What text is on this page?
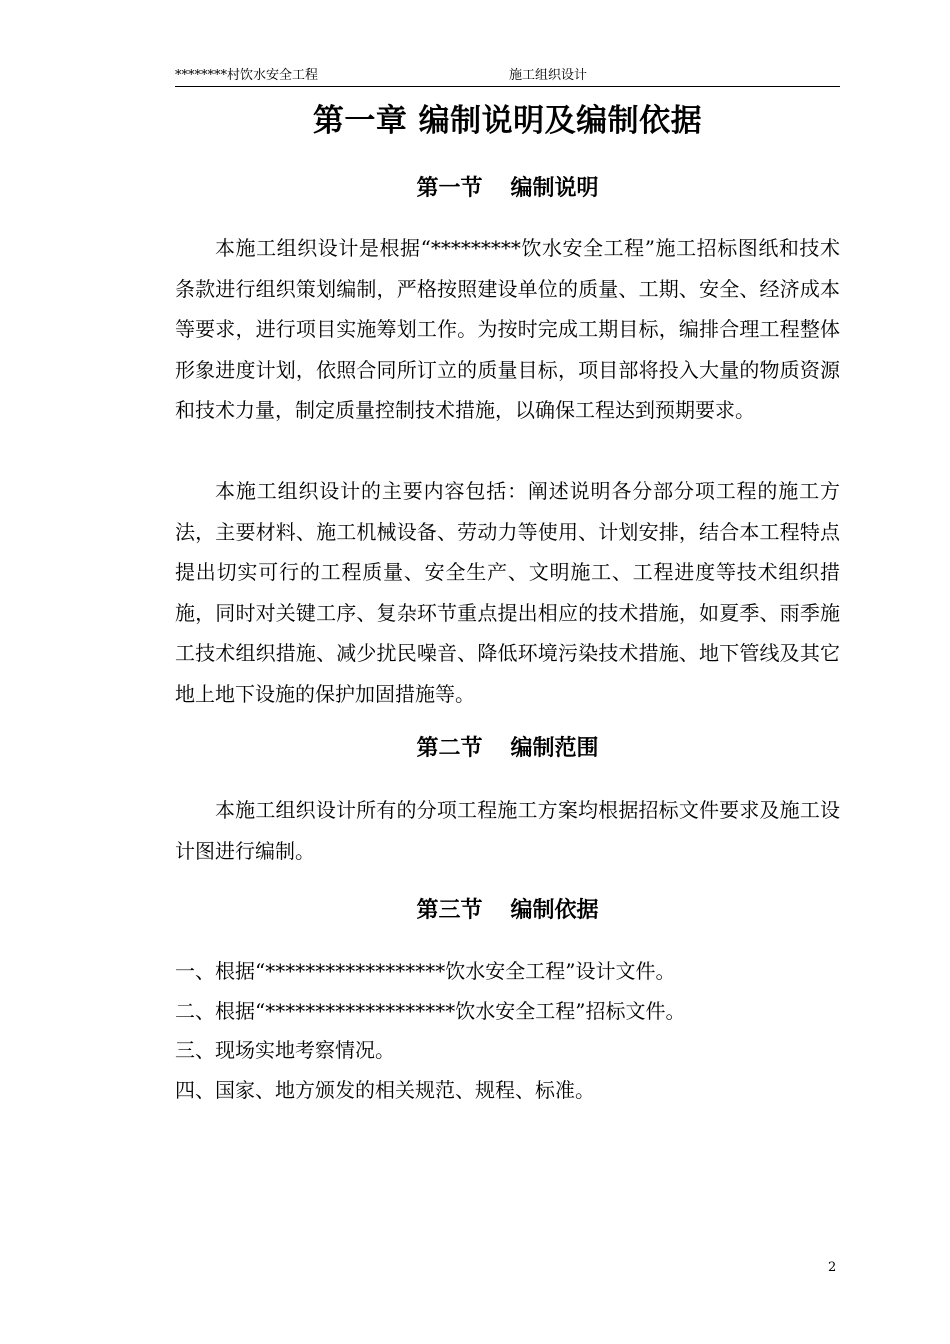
********村饮水安全工程	施工组织设计
第一章 编制说明及编制依据
第一节 编制说明

本施工组织设计是根据“*********饮水安全工程”施工招标图纸和技术条款进行组织策划编制，严格按照建设单位的质量、工期、安全、经济成本等要求，进行项目实施筹划工作。为按时完成工期目标，编排合理工程整体形象进度计划，依照合同所订立的质量目标，项目部将投入大量的物质资源和技术力量，制定质量控制技术措施，以确保工程达到预期要求。

本施工组织设计的主要内容包括：阐述说明各分部分项工程的施工方法，主要材料、施工机械设备、劳动力等使用、计划安排，结合本工程特点提出切实可行的工程质量、安全生产、文明施工、工程进度等技术组织措施，同时对关键工序、复杂环节重点提出相应的技术措施，如夏季、雨季施工技术组织措施、减少扰民噪音、降低环境污染技术措施、地下管线及其它地上地下设施的保护加固措施等。

第二节 编制范围

本施工组织设计所有的分项工程施工方案均根据招标文件要求及施工设计图进行编制。

第三节 编制依据
一、根据“******************饮水安全工程”设计文件。
二、根据“*******************饮水安全工程”招标文件。
三、现场实地考察情况。
四、国家、地方颁发的相关规范、规程、标准。
2
